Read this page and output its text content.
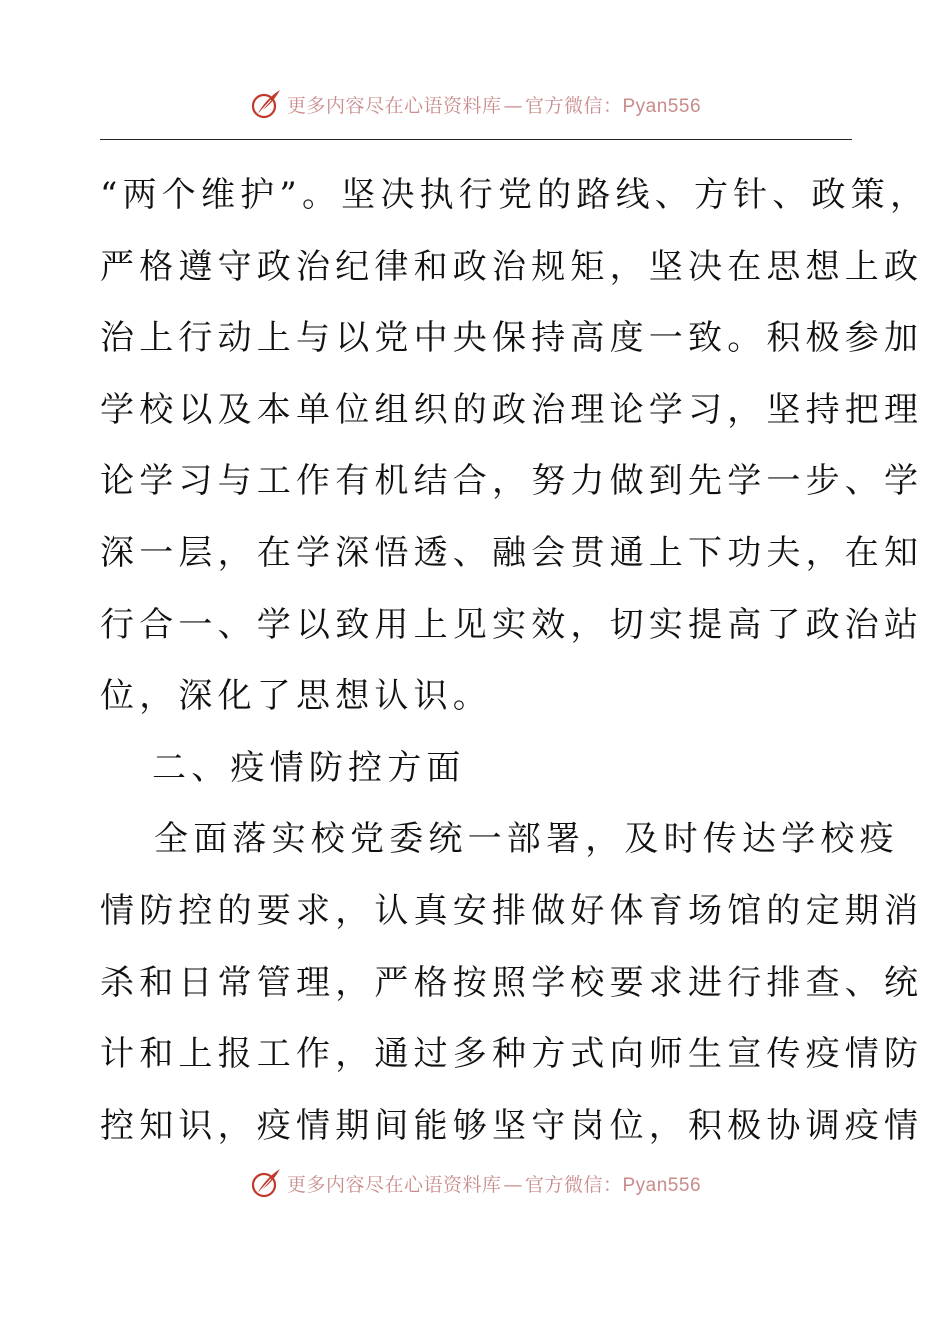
更多内容尽在心语资料库 — 官方微信：Pyan556
“两个维护”。坚决执行党的路线、方针、政策，
严格遵守政治纪律和政治规矩，坚决在思想上政
治上行动上与以党中央保持高度一致。积极参加
学校以及本单位组织的政治理论学习，坚持把理
论学习与工作有机结合，努力做到先学一步、学
深一层，在学深悟透、融会贯通上下功夫，在知
行合一、学以致用上见实效，切实提高了政治站
位，深化了思想认识。
二、疫情防控方面
全面落实校党委统一部署，及时传达学校疫
情防控的要求，认真安排做好体育场馆的定期消
杀和日常管理，严格按照学校要求进行排查、统
计和上报工作，通过多种方式向师生宣传疫情防
控知识，疫情期间能够坚守岗位，积极协调疫情
更多内容尽在心语资料库 — 官方微信：Pyan556
